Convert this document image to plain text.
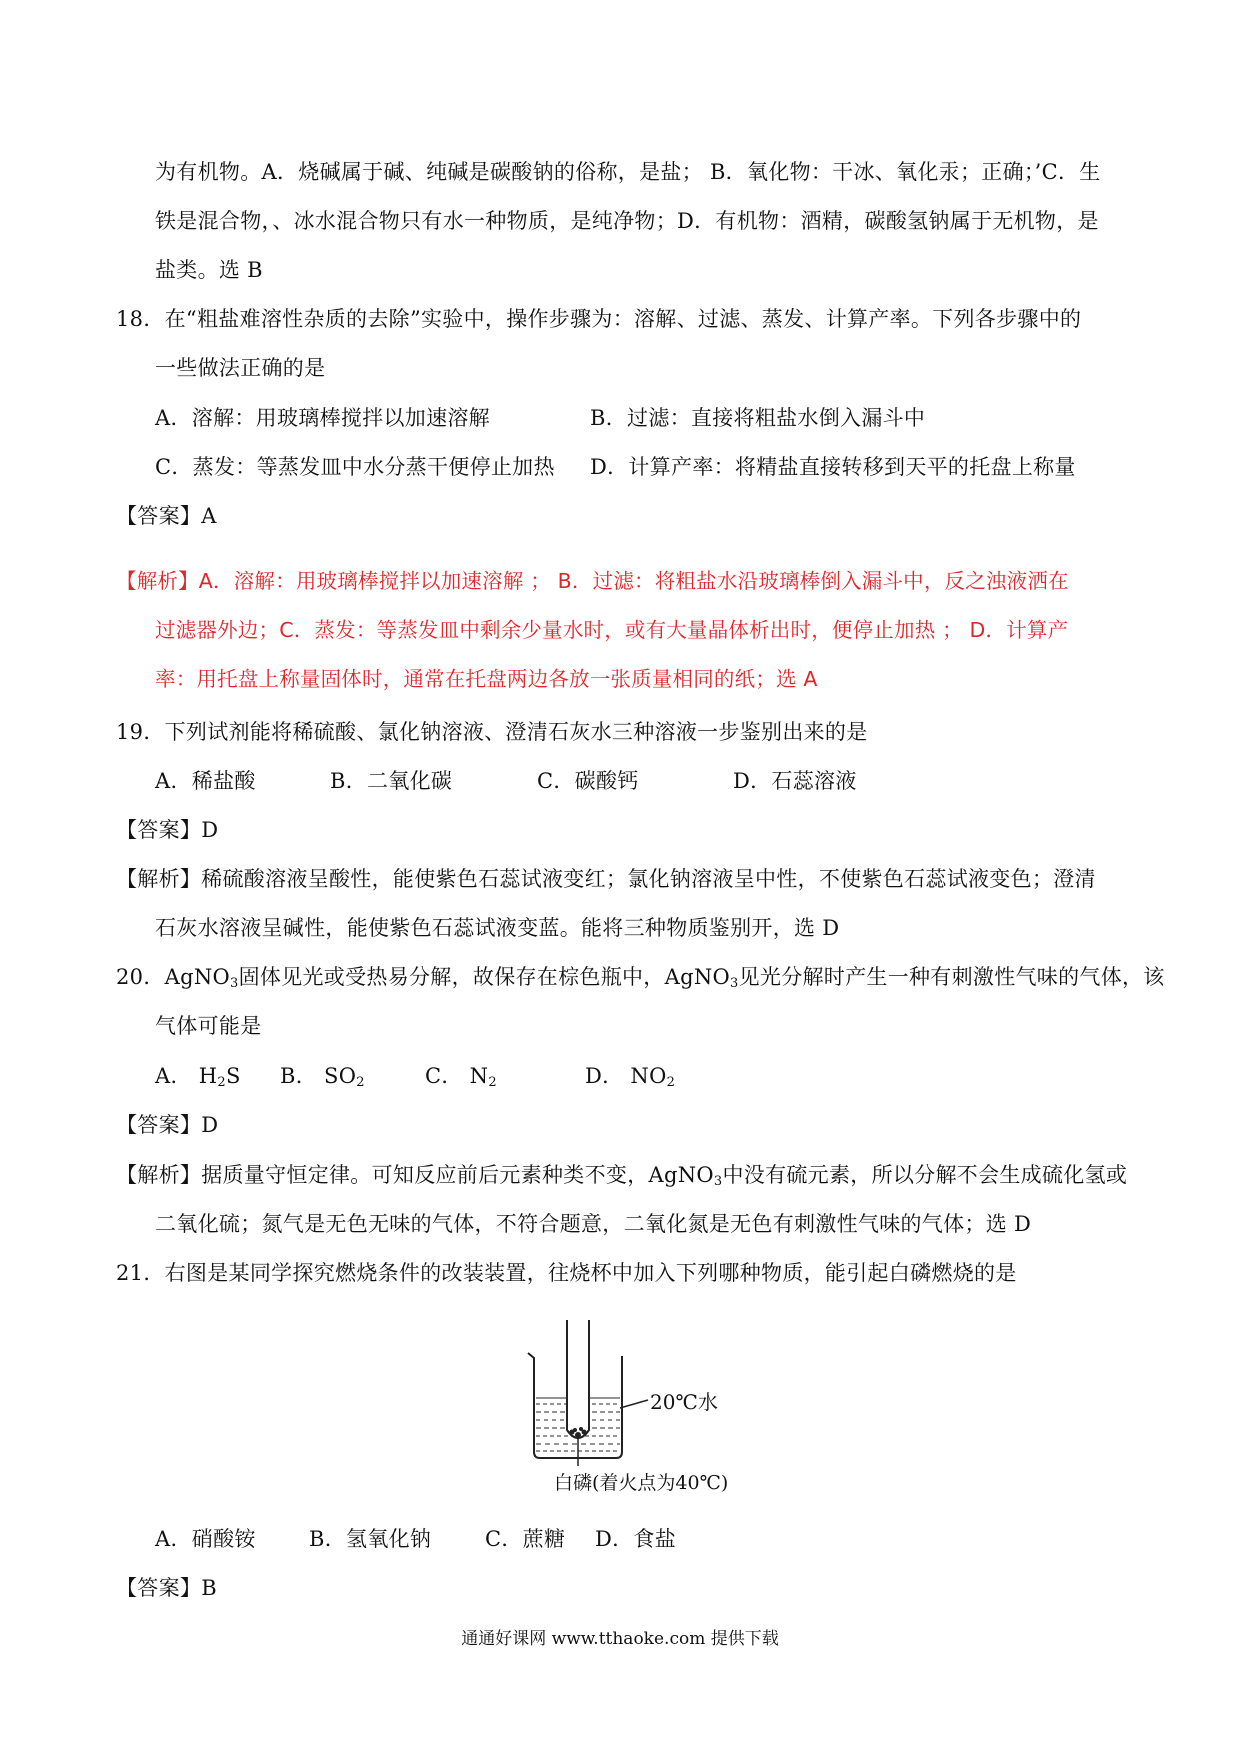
为有机物。A．烧碱属于碱、纯碱是碳酸钠的俗称，是盐； B．氧化物：干冰、氧化汞；正确；’C．生
铁是混合物，、冰水混合物只有水一种物质，是纯净物；D．有机物：酒精，碳酸氢钠属于无机物，是
盐类。选 B
18．在“粗盐难溶性杂质的去除”实验中，操作步骤为：溶解、过滤、蒸发、计算产率。下列各步骤中的
一些做法正确的是
A．溶解：用玻璃棒搅拌以加速溶解	B．过滤：直接将粗盐水倒入漏斗中
C．蒸发：等蒸发皿中水分蒸干便停止加热 D．计算产率：将精盐直接转移到天平的托盘上称量
【答案】A
【解析】A．溶解：用玻璃棒搅拌以加速溶解 ； B．过滤：将粗盐水沿玻璃棒倒入漏斗中，反之浊液洒在
过滤器外边；C．蒸发：等蒸发皿中剩余少量水时，或有大量晶体析出时，便停止加热 ； D．计算产
率：用托盘上称量固体时，通常在托盘两边各放一张质量相同的纸；选 A
19．下列试剂能将稀硫酸、氯化钠溶液、澄清石灰水三种溶液一步鉴别出来的是
A．稀盐酸	B．二氧化碳	C．碳酸钙	D．石蕊溶液
【答案】D
【解析】稀硫酸溶液呈酸性，能使紫色石蕊试液变红；氯化钠溶液呈中性，不使紫色石蕊试液变色；澄清
石灰水溶液呈碱性，能使紫色石蕊试液变蓝。能将三种物质鉴别开，选 D
20．AgNO$_3$固体见光或受热易分解，故保存在棕色瓶中，AgNO$_3$见光分解时产生一种有刺激性气味的气体，该
气体可能是
A． $H_2S$ B． $SO_2$	C． $N_2$	D． $NO_2$
【答案】D
【解析】据质量守恒定律。可知反应前后元素种类不变，AgNO$_3$中没有硫元素，所以分解不会生成硫化氢或
二氧化硫；氮气是无色无味的气体，不符合题意，二氧化氮是无色有刺激性气味的气体；选 D
21．右图是某同学探究燃烧条件的改装装置，往烧杯中加入下列哪种物质，能引起白磷燃烧的是
20℃水
白磷(着火点为40℃)
A．硝酸铵	B．氢氧化钠	C．蔗糖 D．食盐
【答案】B
通通好课网 www.tthaoke.com 提供下载
